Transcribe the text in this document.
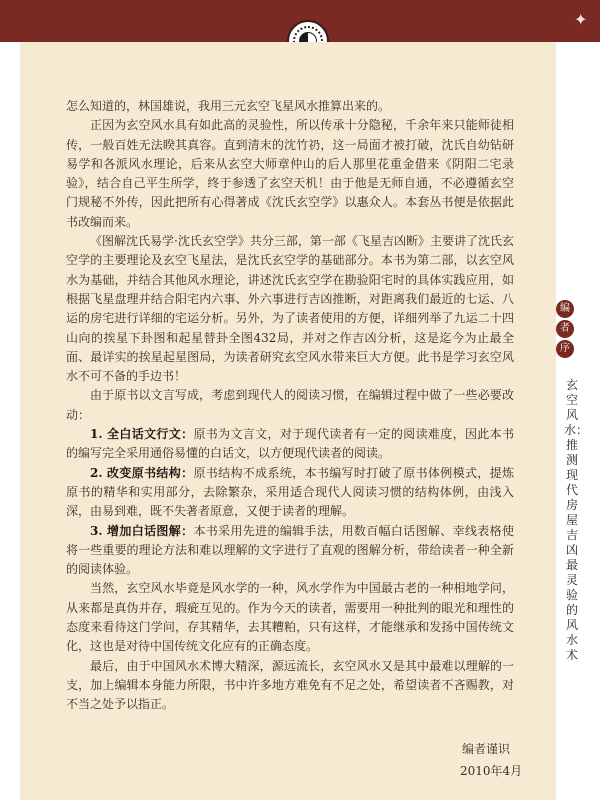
✦

怎么知道的，林国雄说，我用三元玄空飞星风水推算出来的。

正因为玄空风水具有如此高的灵验性，所以传承十分隐秘，千余年来只能师徒相传，一般百姓无法睽其真容。直到清末的沈竹礽，这一局面才被打破，沈氏自幼钻研易学和各派风水理论，后来从玄空大师章仲山的后人那里花重金借来《阴阳二宅录验》，结合自己平生所学，终于参透了玄空天机！由于他是无师自通，不必遵循玄空门规秘不外传，因此把所有心得著成《沈氏玄空学》以惠众人。本套丛书便是依据此书改编而来。

《图解沈氏易学·沈氏玄空学》共分三部，第一部《飞星吉凶断》主要讲了沈氏玄空学的主要理论及玄空飞星法，是沈氏玄空学的基础部分。本书为第二部，以玄空风水为基础，并结合其他风水理论，讲述沈氏玄空学在勘验阳宅时的具体实践应用，如根据飞星盘理并结合阳宅内六事、外六事进行吉凶推断，对距离我们最近的七运、八运的房宅进行详细的宅运分析。另外，为了读者使用的方便，详细列举了九运二十四山向的挨星下卦图和起星替卦全图432局，并对之作吉凶分析，这是迄今为止最全面、最详实的挨星起星图局，为读者研究玄空风水带来巨大方便。此书是学习玄空风水不可不备的手边书！

由于原书以文言写成，考虑到现代人的阅读习惯，在编辑过程中做了一些必要改动：

1. 全白话文行文：原书为文言文，对于现代读者有一定的阅读难度，因此本书的编写完全采用通俗易懂的白话文，以方便现代读者的阅读。

2. 改变原书结构：原书结构不成系统，本书编写时打破了原书体例模式，提炼原书的精华和实用部分，去除繁杂，采用适合现代人阅读习惯的结构体例，由浅入深，由易到难，既不失著者原意，又便于读者的理解。

3. 增加白话图解：本书采用先进的编辑手法，用数百幅白话图解、幸线表格使将一些重要的理论方法和难以理解的文字进行了直观的图解分析，带给读者一种全新的阅读体验。

当然，玄空风水毕竟是风水学的一种，风水学作为中国最古老的一种相地学问，从来都是真伪并存，瑕疵互见的。作为今天的读者，需要用一种批判的眼光和理性的态度来看待这门学问，存其精华，去其糟粕，只有这样，才能继承和发扬中国传统文化，这也是对待中国传统文化应有的正确态度。

最后，由于中国风水术博大精深，源远流长，玄空风水又是其中最难以理解的一支，加上编辑本身能力所限，书中许多地方难免有不足之处，希望读者不吝赐教，对不当之处予以指正。

编者谨识
2010年4月
编
者
序
玄空风水：推测现代房屋吉凶最灵验的风水术
